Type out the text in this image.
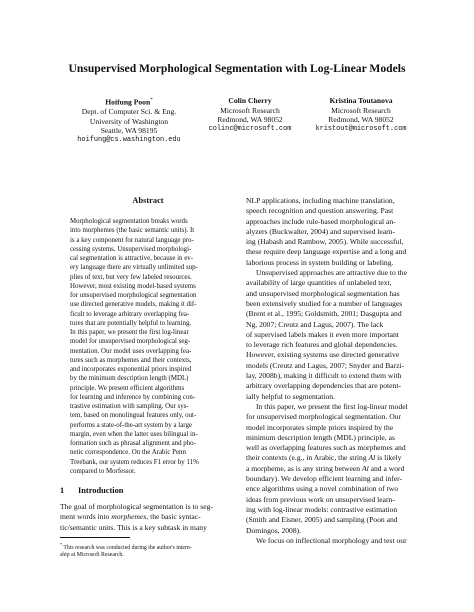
Unsupervised Morphological Segmentation with Log-Linear Models
Hoifung Poon*
Dept. of Computer Sci. & Eng.
University of Washington
Seattle, WA 98195
hoifung@cs.washington.edu
Colin Cherry
Microsoft Research
Redmond, WA 98052
colinc@microsoft.com
Kristina Toutanova
Microsoft Research
Redmond, WA 98052
kristout@microsoft.com
Abstract
Morphological segmentation breaks words
into morphemes (the basic semantic units). It
is a key component for natural language pro-
cessing systems. Unsupervised morphologi-
cal segmentation is attractive, because in ev-
ery language there are virtually unlimited sup-
plies of text, but very few labeled resources.
However, most existing model-based systems
for unsupervised morphological segmentation
use directed generative models, making it dif-
ficult to leverage arbitrary overlapping fea-
tures that are potentially helpful to learning.
In this paper, we present the first log-linear
model for unsupervised morphological seg-
mentation. Our model uses overlapping fea-
tures such as morphemes and their contexts,
and incorporates exponential priors inspired
by the minimum description length (MDL)
principle. We present efficient algorithms
for learning and inference by combining con-
trastive estimation with sampling. Our sys-
tem, based on monolingual features only, out-
performs a state-of-the-art system by a large
margin, even when the latter uses bilingual in-
formation such as phrasal alignment and pho-
netic correspondence. On the Arabic Penn
Treebank, our system reduces F1 error by 11%
compared to Morfessor.
1 Introduction
The goal of morphological segmentation is to seg-
ment words into morphemes, the basic syntac-
tic/semantic units. This is a key subtask in many
* This research was conducted during the author's intern-
ship at Microsoft Research.
NLP applications, including machine translation,
speech recognition and question answering. Past
approaches include rule-based morphological an-
alyzers (Buckwalter, 2004) and supervised learn-
ing (Habash and Rambow, 2005). While successful,
these require deep language expertise and a long and
laborious process in system building or labeling.
Unsupervised approaches are attractive due to the
availability of large quantities of unlabeled text,
and unsupervised morphological segmentation has
been extensively studied for a number of languages
(Brent et al., 1995; Goldsmith, 2001; Dasgupta and
Ng, 2007; Creutz and Lagus, 2007). The lack
of supervised labels makes it even more important
to leverage rich features and global dependencies.
However, existing systems use directed generative
models (Creutz and Lagus, 2007; Snyder and Barzi-
lay, 2008b), making it difficult to extend them with
arbitrary overlapping dependencies that are potent-
ially helpful to segmentation.
In this paper, we present the first log-linear model
for unsupervised morphological segmentation. Our
model incorporates simple priors inspired by the
minimum description length (MDL) principle, as
well as overlapping features such as morphemes and
their contexts (e.g., in Arabic, the string Al is likely
a morpheme, as is any string between Al and a word
boundary). We develop efficient learning and infer-
ence algorithms using a novel combination of two
ideas from previous work on unsupervised learn-
ing with log-linear models: contrastive estimation
(Smith and Eisner, 2005) and sampling (Poon and
Domingos, 2008).
We focus on inflectional morphology and test our
